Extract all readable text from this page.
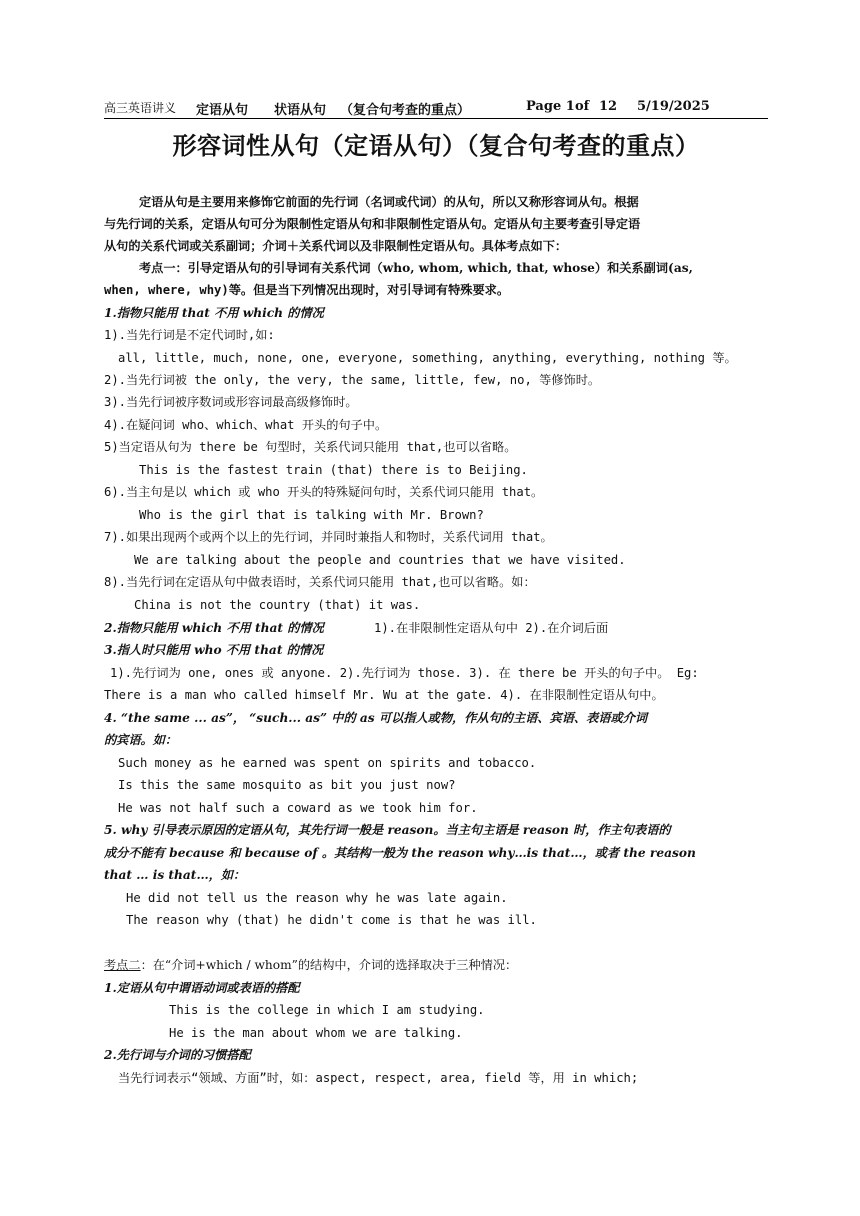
高三英语讲义 定语从句 状语从句 （复合句考查的重点）	Page 1 of 12 5/19/2025
形容词性从句（定语从句）（复合句考查的重点）
定语从句是主要用来修饰它前面的先行词（名词或代词）的从句，所以又称形容词从句。根据
与先行词的关系，定语从句可分为限制性定语从句和非限制性定语从句。定语从句主要考查引导定语
从句的关系代词或关系副词；介词＋关系代词以及非限制性定语从句。具体考点如下：
考点一：引导定语从句的引导词有关系代词（who, whom, which, that, whose）和关系副词(as,
when, where, why)等。但是当下列情况出现时，对引导词有特殊要求。
1.指物只能用 that 不用 which 的情况
1).当先行词是不定代词时,如:
all, little, much, none, one, everyone, something, anything, everything, nothing 等。
2).当先行词被 the only, the very, the same, little, few, no, 等修饰时。
3).当先行词被序数词或形容词最高级修饰时。
4).在疑问词 who、which、what 开头的句子中。
5)当定语从句为 there be 句型时，关系代词只能用 that,也可以省略。
This is the fastest train (that) there is to Beijing.
6).当主句是以 which 或 who 开头的特殊疑问句时，关系代词只能用 that。
Who is the girl that is talking with Mr. Brown?
7).如果出现两个或两个以上的先行词，并同时兼指人和物时，关系代词用 that。
We are talking about the people and countries that we have visited.
8).当先行词在定语从句中做表语时，关系代词只能用 that,也可以省略。如：
China is not the country (that) it was.
2.指物只能用 which 不用 that 的情况	1).在非限制性定语从句中 2).在介词后面
3.指人时只能用 who 不用 that 的情况
1).先行词为 one, ones 或 anyone. 2).先行词为 those. 3). 在 there be 开头的句子中。 Eg:
There is a man who called himself Mr. Wu at the gate. 4). 在非限制性定语从句中。
4. “the same ... as”， “such... as” 中的 as 可以指人或物，作从句的主语、宾语、表语或介词
的宾语。如：
Such money as he earned was spent on spirits and tobacco.
Is this the same mosquito as bit you just now?
He was not half such a coward as we took him for.
5. why 引导表示原因的定语从句，其先行词一般是 reason。当主句主语是 reason 时，作主句表语的
成分不能有 because 和 because of 。其结构一般为 the reason why…is that…，或者 the reason
that … is that…，如：
He did not tell us the reason why he was late again.
The reason why (that) he didn't come is that he was ill.
考点二：在“介词+which / whom”的结构中，介词的选择取决于三种情况：
1.定语从句中谓语动词或表语的搭配
This is the college in which I am studying.
He is the man about whom we are talking.
2.先行词与介词的习惯搭配
当先行词表示“领域、方面”时，如：aspect, respect, area, field 等，用 in which;
